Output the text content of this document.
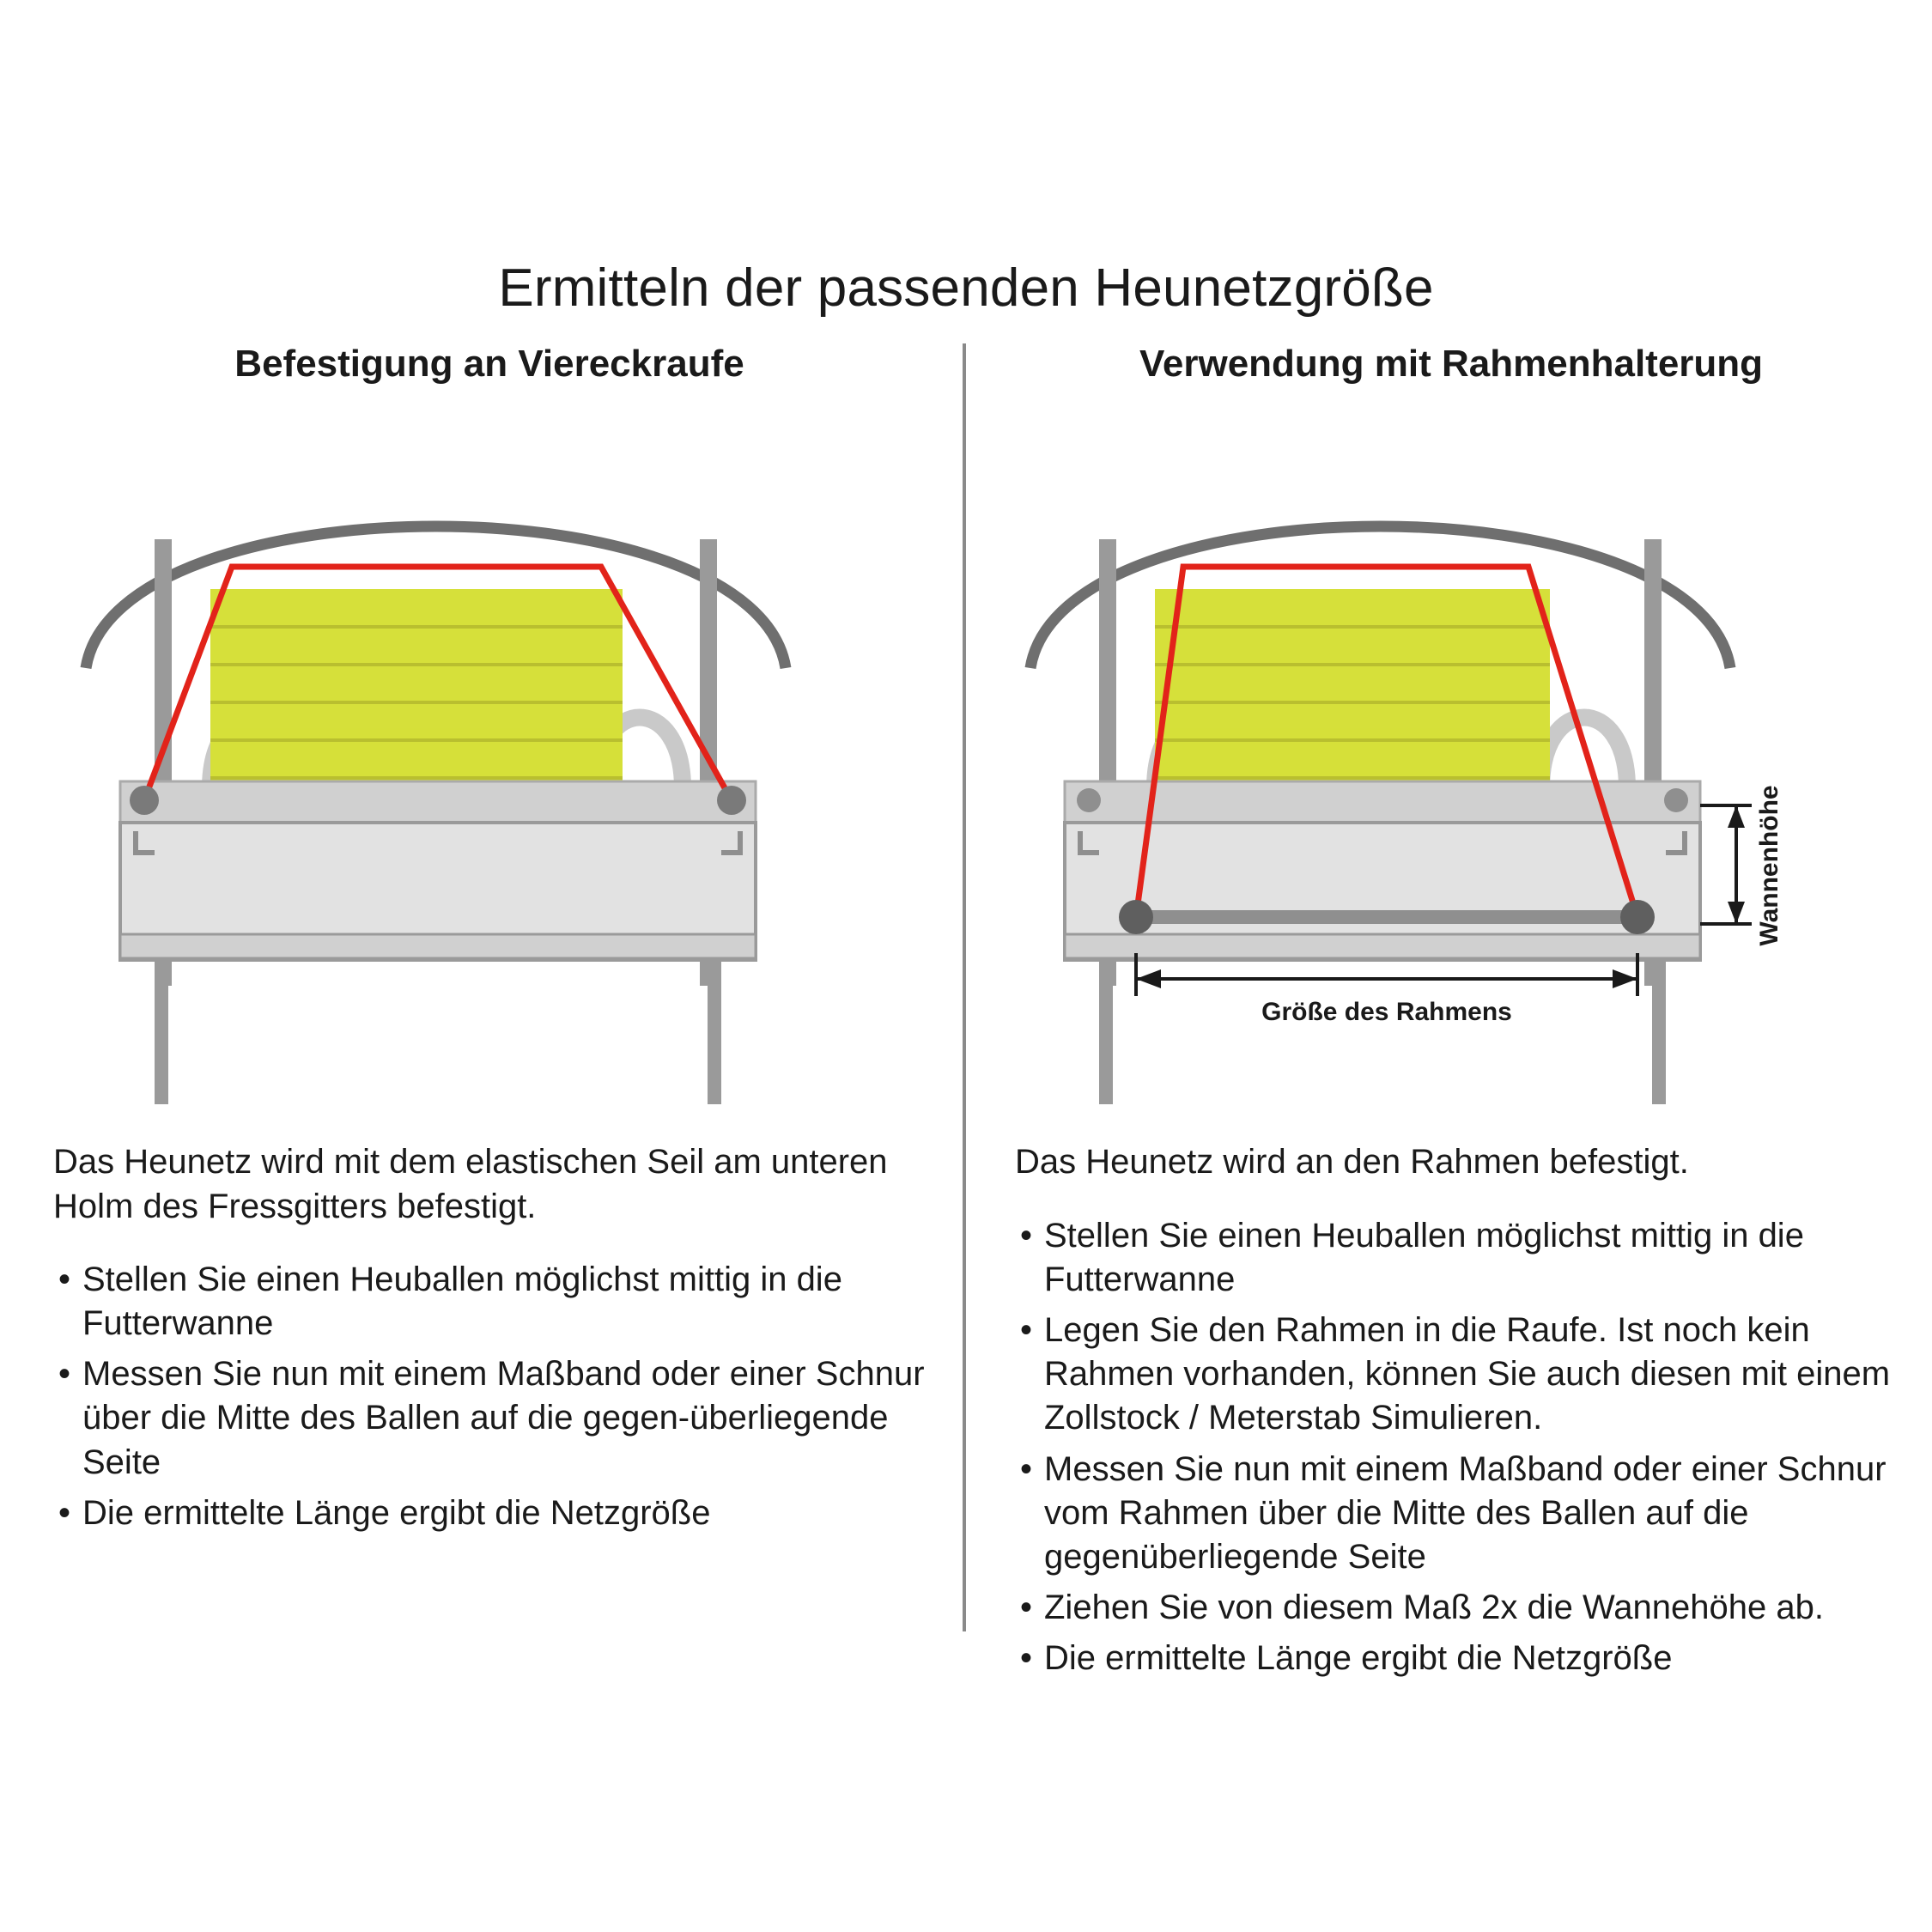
Ermitteln der passenden Heunetzgröße
Befestigung an Viereckraufe

Das Heunetz wird mit dem elastischen Seil am unteren Holm des Fressgitters befestigt.

• Stellen Sie einen Heuballen möglichst mittig in die Futterwanne
• Messen Sie nun mit einem Maßband oder einer Schnur über die Mitte des Ballen auf die gegen-überliegende Seite
• Die ermittelte Länge ergibt die Netzgröße
Verwendung mit Rahmenhalterung
Größe des Rahmens
Wannenhöhe

Das Heunetz wird an den Rahmen befestigt.

• Stellen Sie einen Heuballen möglichst mittig in die Futterwanne
• Legen Sie den Rahmen in die Raufe. Ist noch kein Rahmen vorhanden, können Sie auch diesen mit einem Zollstock / Meterstab Simulieren.
• Messen Sie nun mit einem Maßband oder einer Schnur vom Rahmen über die Mitte des Ballen auf die gegenüberliegende Seite
• Ziehen Sie von diesem Maß 2x die Wannehöhe ab.
• Die ermittelte Länge ergibt die Netzgröße
